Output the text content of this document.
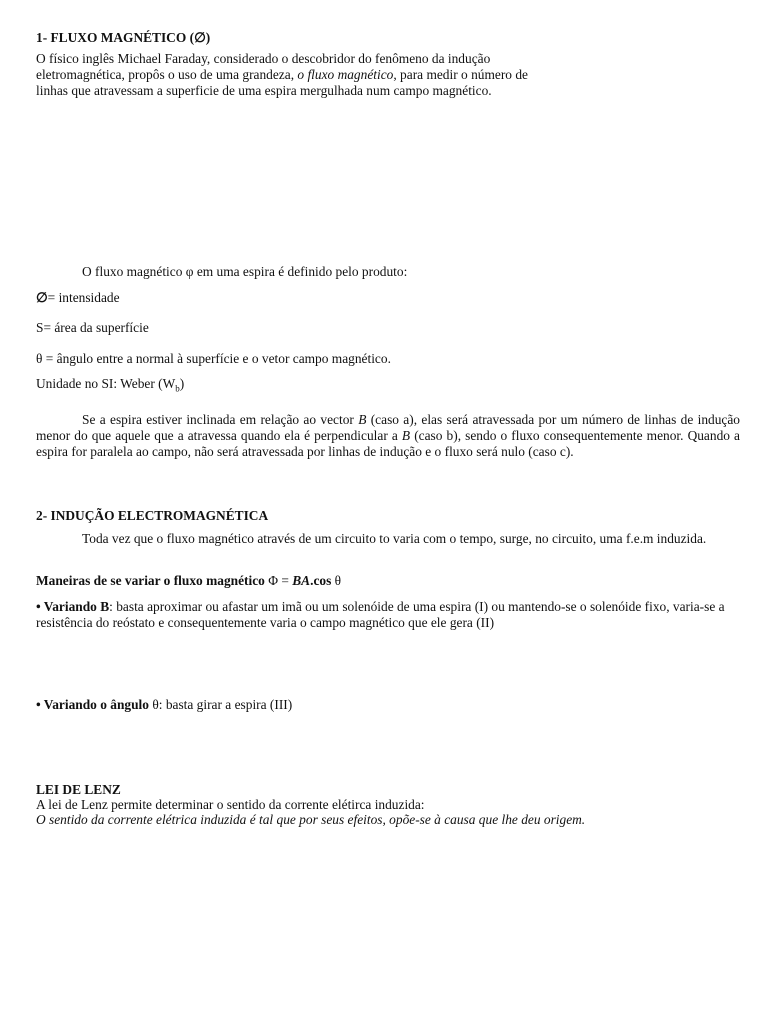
1- FLUXO MAGNÉTICO (∅)

O físico inglês Michael Faraday, considerado o descobridor do fenômeno da indução

eletromagnética, propôs o uso de uma grandeza, o fluxo magnético, para medir o número de

linhas que atravessam a superficie de uma espira mergulhada num campo magnético.

O fluxo magnético φ em uma espira é definido pelo produto:

∅= intensidade

S= área da superfície

θ = ângulo entre a normal à superfície e o vetor campo magnético.

Unidade no SI: Weber $(W_b)$

Se a espira estiver inclinada em relação ao vector B (caso a), elas será atravessada por um número de linhas de indução menor do que aquele que a atravessa quando ela é perpendicular a B (caso b), sendo o fluxo consequentemente menor. Quando a espira for paralela ao campo, não será atravessada por linhas de indução e o fluxo será nulo (caso c).

2- INDUÇÃO ELECTROMAGNÉTICA

Toda vez que o fluxo magnético através de um circuito to varia com o tempo, surge, no circuito, uma f.e.m induzida.

Maneiras de se variar o fluxo magnético Φ = BA.cos θ

• Variando B: basta aproximar ou afastar um imã ou um solenóide de uma espira (I) ou mantendo-se o solenóide fixo, varia-se a resistência do reóstato e consequentemente varia o campo magnético que ele gera (II)

• Variando o ângulo θ: basta girar a espira (III)

LEI DE LENZ

A lei de Lenz permite determinar o sentido da corrente elétirca induzida:

O sentido da corrente elétrica induzida é tal que por seus efeitos, opõe-se à causa que lhe deu origem.
